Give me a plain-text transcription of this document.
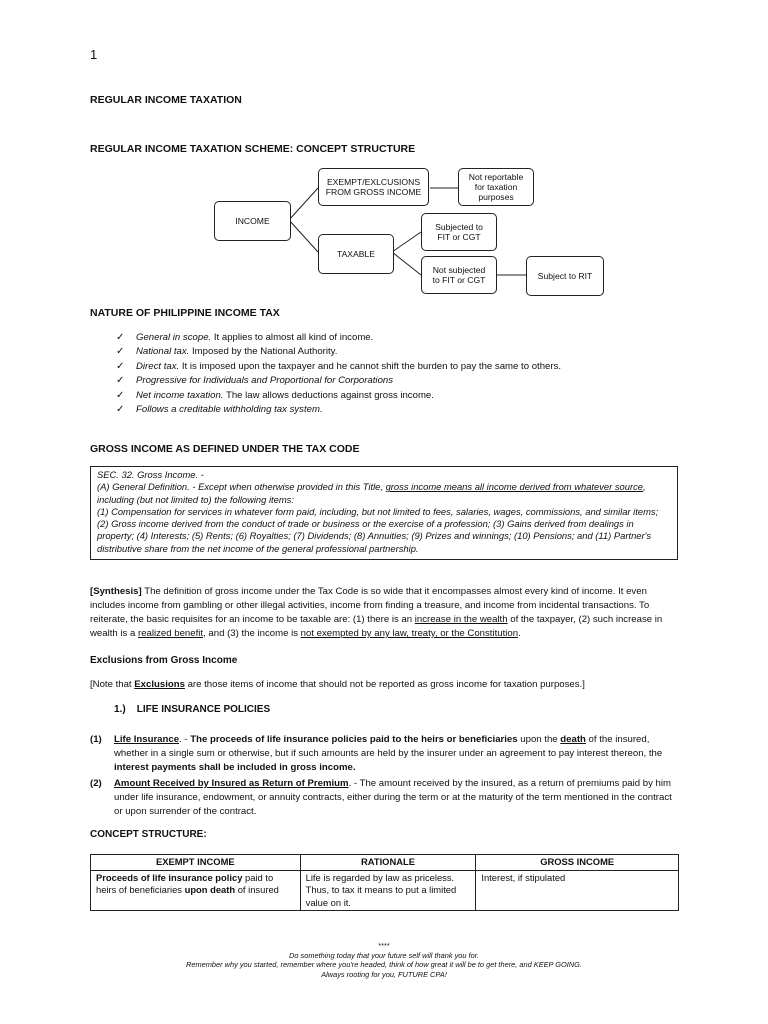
1
REGULAR INCOME TAXATION
REGULAR INCOME TAXATION SCHEME: CONCEPT STRUCTURE
INCOME
EXEMPT/EXLCUSIONS FROM GROSS INCOME
Not reportable for taxation purposes
TAXABLE
Subjected to FIT or CGT
Not subjected to FIT or CGT	Subject to RIT
NATURE OF PHILIPPINE INCOME TAX
✓ General in scope. It applies to almost all kind of income.
✓ National tax. Imposed by the National Authority.
✓ Direct tax. It is imposed upon the taxpayer and he cannot shift the burden to pay the same to others.
✓ Progressive for Individuals and Proportional for Corporations
✓ Net income taxation. The law allows deductions against gross income.
✓ Follows a creditable withholding tax system.
GROSS INCOME AS DEFINED UNDER THE TAX CODE
SEC. 32. Gross Income. -
(A) General Definition. - Except when otherwise provided in this Title, gross income means all income derived from whatever source,
including (but not limited to) the following items:
(1) Compensation for services in whatever form paid, including, but not limited to fees, salaries, wages, commissions, and similar items; (2) Gross income derived from the conduct of trade or business or the exercise of a profession; (3) Gains derived from dealings in property; (4) Interests; (5) Rents; (6) Royalties; (7) Dividends; (8) Annuities; (9) Prizes and winnings; (10) Pensions; and (11) Partner's distributive share from the net income of the general professional partnership.
[Synthesis] The definition of gross income under the Tax Code is so wide that it encompasses almost every kind of income. It even includes income from gambling or other illegal activities, income from finding a treasure, and income from incidental transactions. To reiterate, the basic requisites for an income to be taxable are: (1) there is an increase in the wealth of the taxpayer, (2) such increase in wealth is a realized benefit, and (3) the income is not exempted by any law, treaty, or the Constitution.
Exclusions from Gross Income
[Note that Exclusions are those items of income that should not be reported as gross income for taxation purposes.]
1.)    LIFE INSURANCE POLICIES
(1) Life Insurance. - The proceeds of life insurance policies paid to the heirs or beneficiaries upon the death of the insured, whether in a single sum or otherwise, but if such amounts are held by the insurer under an agreement to pay interest thereon, the interest payments shall be included in gross income.
(2) Amount Received by Insured as Return of Premium. - The amount received by the insured, as a return of premiums paid by him under life insurance, endowment, or annuity contracts, either during the term or at the maturity of the term mentioned in the contract or upon surrender of the contract.
CONCEPT STRUCTURE:
EXEMPT INCOME	RATIONALE	GROSS INCOME
Proceeds of life insurance policy paid to heirs of beneficiaries upon death of insured	Life is regarded by law as priceless. Thus, to tax it means to put a limited value on it.	Interest, if stipulated
****
Do something today that your future self will thank you for.
Remember why you started, remember where you're headed, think of how great it will be to get there, and KEEP GOING.
Always rooting for you, FUTURE CPA!
